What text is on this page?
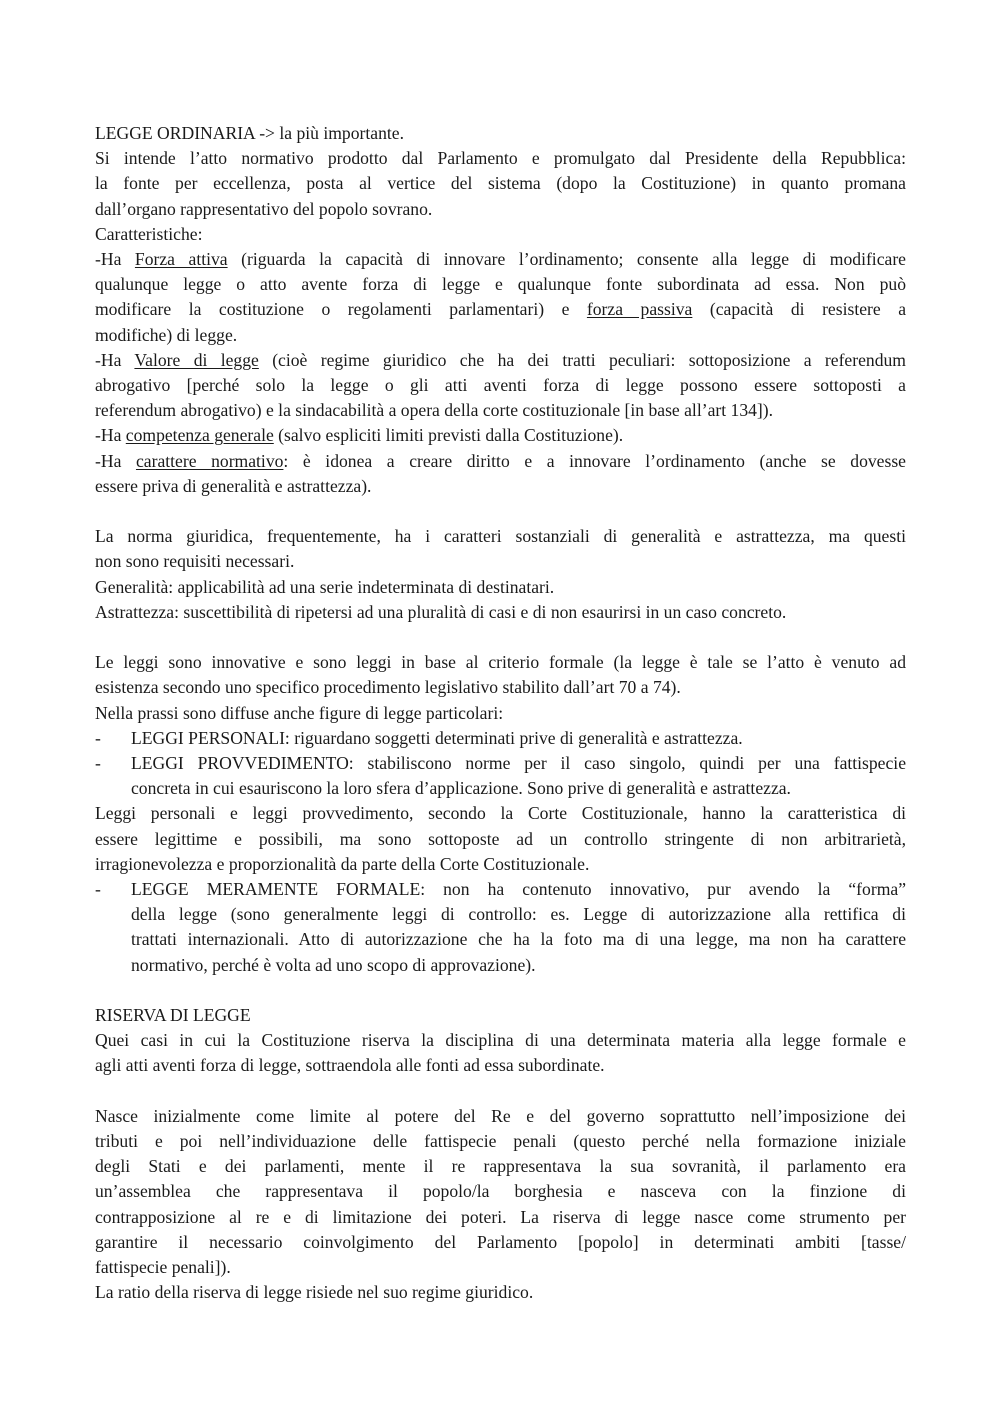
LEGGE ORDINARIA -> la più importante.
Si intende l’atto normativo prodotto dal Parlamento e promulgato dal Presidente della Repubblica:
la fonte per eccellenza, posta al vertice del sistema (dopo la Costituzione) in quanto promana
dall’organo rappresentativo del popolo sovrano.
Caratteristiche:
-Ha Forza attiva (riguarda la capacità di innovare l’ordinamento; consente alla legge di modificare
qualunque legge o atto avente forza di legge e qualunque fonte subordinata ad essa. Non può
modificare la costituzione o regolamenti parlamentari) e forza passiva (capacità di resistere a
modifiche) di legge.
-Ha Valore di legge (cioè regime giuridico che ha dei tratti peculiari: sottoposizione a referendum
abrogativo [perché solo la legge o gli atti aventi forza di legge possono essere sottoposti a
referendum abrogativo) e la sindacabilità a opera della corte costituzionale [in base all’art 134]).
-Ha competenza generale (salvo espliciti limiti previsti dalla Costituzione).
-Ha carattere normativo: è idonea a creare diritto e a innovare l’ordinamento (anche se dovesse
essere priva di generalità e astrattezza).
La norma giuridica, frequentemente, ha i caratteri sostanziali di generalità e astrattezza, ma questi
non sono requisiti necessari.
Generalità: applicabilità ad una serie indeterminata di destinatari.
Astrattezza: suscettibilità di ripetersi ad una pluralità di casi e di non esaurirsi in un caso concreto.
Le leggi sono innovative e sono leggi in base al criterio formale (la legge è tale se l’atto è venuto ad
esistenza secondo uno specifico procedimento legislativo stabilito dall’art 70 a 74).
Nella prassi sono diffuse anche figure di legge particolari:
- LEGGI PERSONALI: riguardano soggetti determinati prive di generalità e astrattezza.
- LEGGI PROVVEDIMENTO: stabiliscono norme per il caso singolo, quindi per una fattispecie
concreta in cui esauriscono la loro sfera d’applicazione. Sono prive di generalità e astrattezza.
Leggi personali e leggi provvedimento, secondo la Corte Costituzionale, hanno la caratteristica di
essere legittime e possibili, ma sono sottoposte ad un controllo stringente di non arbitrarietà,
irragionevolezza e proporzionalità da parte della Corte Costituzionale.
- LEGGE MERAMENTE FORMALE: non ha contenuto innovativo, pur avendo la “forma”
della legge (sono generalmente leggi di controllo: es. Legge di autorizzazione alla rettifica di
trattati internazionali. Atto di autorizzazione che ha la foto ma di una legge, ma non ha carattere
normativo, perché è volta ad uno scopo di approvazione).
RISERVA DI LEGGE
Quei casi in cui la Costituzione riserva la disciplina di una determinata materia alla legge formale e
agli atti aventi forza di legge, sottraendola alle fonti ad essa subordinate.
Nasce inizialmente come limite al potere del Re e del governo soprattutto nell’imposizione dei
tributi e poi nell’individuazione delle fattispecie penali (questo perché nella formazione iniziale
degli Stati e dei parlamenti, mente il re rappresentava la sua sovranità, il parlamento era
un’assemblea che rappresentava il popolo/la borghesia e nasceva con la finzione di
contrapposizione al re e di limitazione dei poteri. La riserva di legge nasce come strumento per
garantire il necessario coinvolgimento del Parlamento [popolo] in determinati ambiti [tasse/
fattispecie penali]).
La ratio della riserva di legge risiede nel suo regime giuridico.
